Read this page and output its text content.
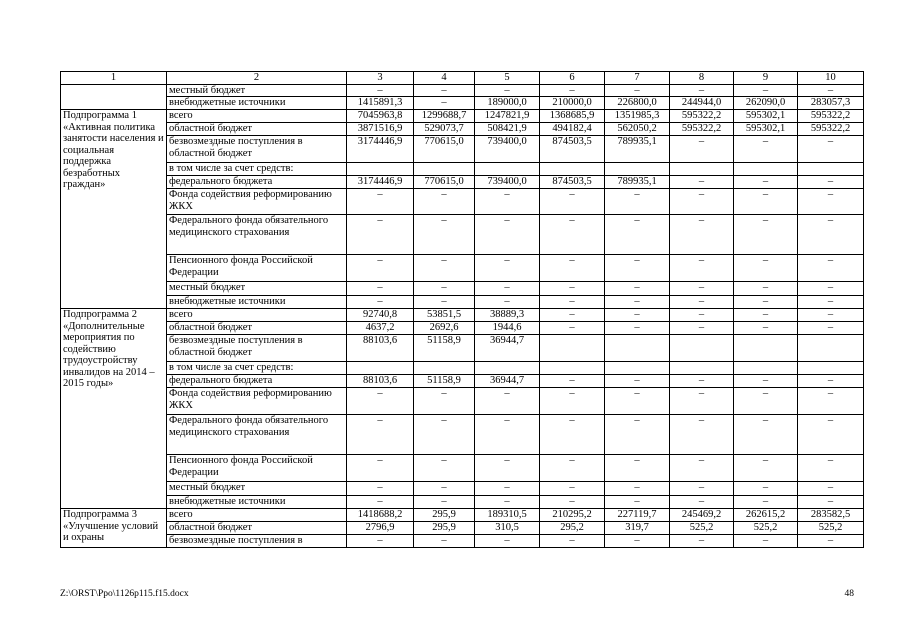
1	2	3	4	5	6	7	8	9	10
	местный бюджет	–	–	–	–	–	–	–	–
	внебюджетные источники	1415891,3	–	189000,0	210000,0	226800,0	244944,0	262090,0	283057,3
Подпрограмма 1 «Активная политика занятости населения и социальная поддержка безработных граждан»	всего	7045963,8	1299688,7	1247821,9	1368685,9	1351985,3	595322,2	595302,1	595322,2
	областной бюджет	3871516,9	529073,7	508421,9	494182,4	562050,2	595322,2	595302,1	595322,2
	безвозмездные поступления в областной бюджет	3174446,9	770615,0	739400,0	874503,5	789935,1	–	–	–
	в том числе за счет средств:								
	федерального бюджета	3174446,9	770615,0	739400,0	874503,5	789935,1	–	–	–
	Фонда содействия реформированию ЖКХ	–	–	–	–	–	–	–	–
	Федерального фонда обязательного медицинского страхования	–	–	–	–	–	–	–	–
	Пенсионного фонда Российской Федерации	–	–	–	–	–	–	–	–
	местный бюджет	–	–	–	–	–	–	–	–
	внебюджетные источники	–	–	–	–	–	–	–	–
Подпрограмма 2 «Дополнительные мероприятия по содействию трудоустройству инвалидов на 2014 – 2015 годы»	всего	92740,8	53851,5	38889,3	–	–	–	–	–
	областной бюджет	4637,2	2692,6	1944,6	–	–	–	–	–
	безвозмездные поступления в областной бюджет	88103,6	51158,9	36944,7					
	в том числе за счет средств:								
	федерального бюджета	88103,6	51158,9	36944,7	–	–	–	–	–
	Фонда содействия реформированию ЖКХ	–	–	–	–	–	–	–	–
	Федерального фонда обязательного медицинского страхования	–	–	–	–	–	–	–	–
	Пенсионного фонда Российской Федерации	–	–	–	–	–	–	–	–
	местный бюджет	–	–	–	–	–	–	–	–
	внебюджетные источники	–	–	–	–	–	–	–	–
Подпрограмма 3 «Улучшение условий и охраны	всего	1418688,2	295,9	189310,5	210295,2	227119,7	245469,2	262615,2	283582,5
	областной бюджет	2796,9	295,9	310,5	295,2	319,7	525,2	525,2	525,2
	безвозмездные поступления в	–	–	–	–	–	–	–	–
Z:\ORST\Ppo\1126p115.f15.docx	48
